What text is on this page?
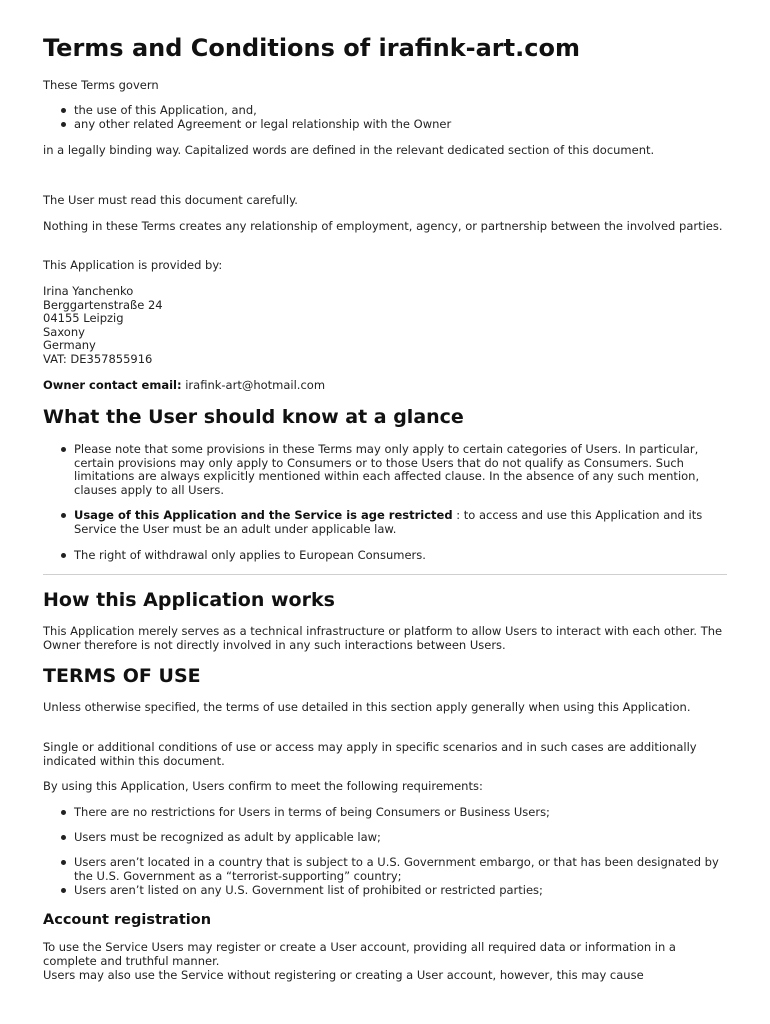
Terms and Conditions of irafink-art.com

These Terms govern

the use of this Application, and,
any other related Agreement or legal relationship with the Owner

in a legally binding way. Capitalized words are defined in the relevant dedicated section of this document.

The User must read this document carefully.

Nothing in these Terms creates any relationship of employment, agency, or partnership between the involved parties.

This Application is provided by:

Irina Yanchenko
Berggartenstraße 24
04155 Leipzig
Saxony
Germany
VAT: DE357855916

Owner contact email: irafink-art@hotmail.com

What the User should know at a glance
Please note that some provisions in these Terms may only apply to certain categories of Users. In particular, certain provisions may only apply to Consumers or to those Users that do not qualify as Consumers. Such limitations are always explicitly mentioned within each affected clause. In the absence of any such mention, clauses apply to all Users.
Usage of this Application and the Service is age restricted : to access and use this Application and its Service the User must be an adult under applicable law.
The right of withdrawal only applies to European Consumers.
How this Application works

This Application merely serves as a technical infrastructure or platform to allow Users to interact with each other. The Owner therefore is not directly involved in any such interactions between Users.

TERMS OF USE

Unless otherwise specified, the terms of use detailed in this section apply generally when using this Application.

Single or additional conditions of use or access may apply in specific scenarios and in such cases are additionally indicated within this document.

By using this Application, Users confirm to meet the following requirements:

There are no restrictions for Users in terms of being Consumers or Business Users;
Users must be recognized as adult by applicable law;
Users aren’t located in a country that is subject to a U.S. Government embargo, or that has been designated by the U.S. Government as a “terrorist-supporting” country;
Users aren’t listed on any U.S. Government list of prohibited or restricted parties;
Account registration

To use the Service Users may register or create a User account, providing all required data or information in a complete and truthful manner.

Users may also use the Service without registering or creating a User account, however, this may cause
